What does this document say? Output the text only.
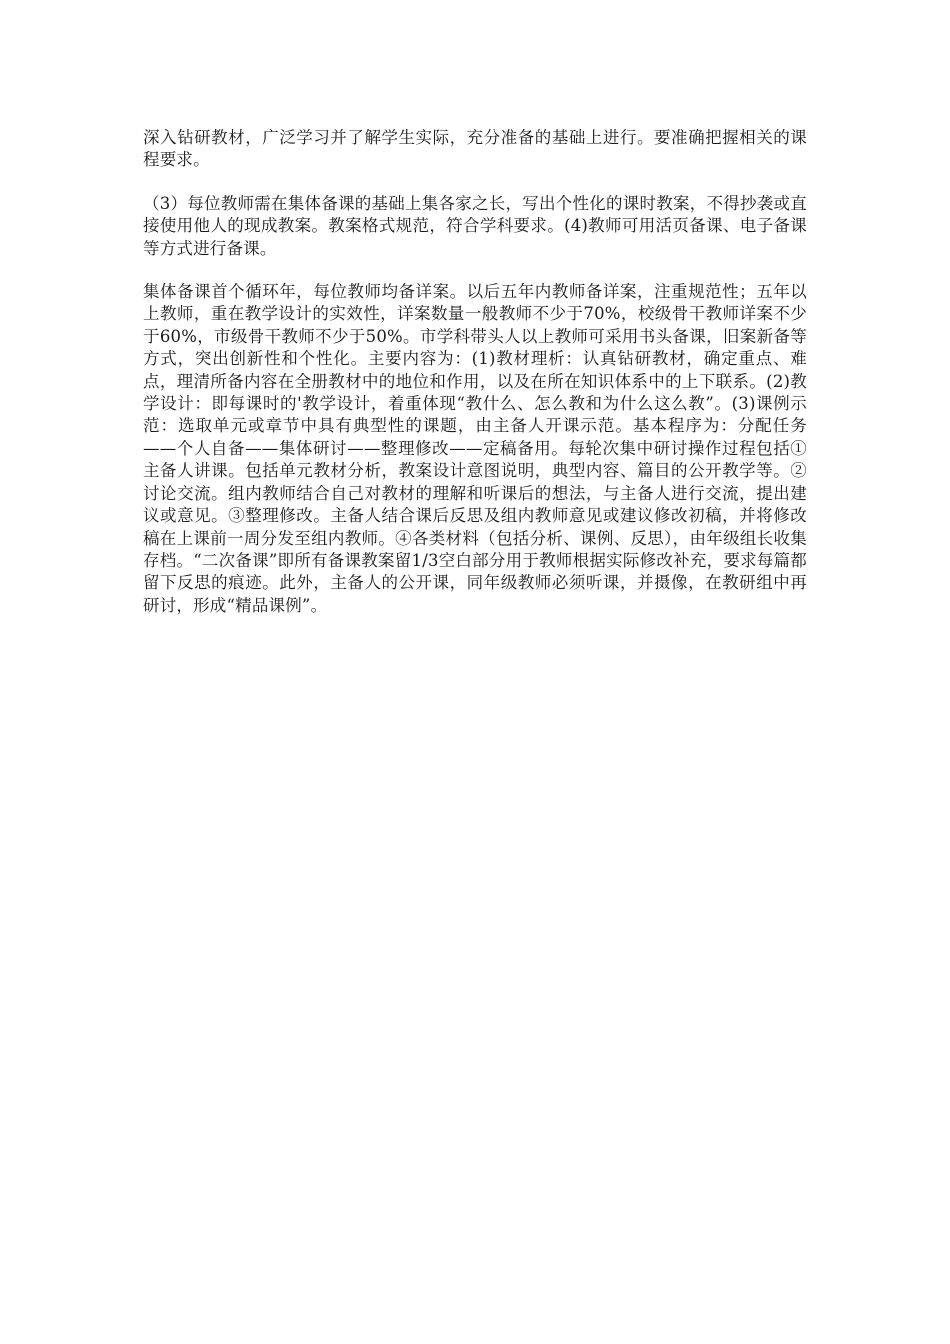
深入钻研教材，广泛学习并了解学生实际，充分准备的基础上进行。要准确把握相关的课程要求。

（3）每位教师需在集体备课的基础上集各家之长，写出个性化的课时教案，不得抄袭或直接使用他人的现成教案。教案格式规范，符合学科要求。(4)教师可用活页备课、电子备课等方式进行备课。

集体备课首个循环年，每位教师均备详案。以后五年内教师备详案，注重规范性；五年以上教师，重在教学设计的实效性，详案数量一般教师不少于70%，校级骨干教师详案不少于60%，市级骨干教师不少于50%。市学科带头人以上教师可采用书头备课，旧案新备等方式，突出创新性和个性化。主要内容为：(1)教材理析：认真钻研教材，确定重点、难点，理清所备内容在全册教材中的地位和作用，以及在所在知识体系中的上下联系。(2)教学设计：即每课时的'教学设计，着重体现“教什么、怎么教和为什么这么教”。(3)课例示范：选取单元或章节中具有典型性的课题，由主备人开课示范。基本程序为：分配任务——个人自备——集体研讨——整理修改——定稿备用。每轮次集中研讨操作过程包括①主备人讲课。包括单元教材分析，教案设计意图说明，典型内容、篇目的公开教学等。②讨论交流。组内教师结合自己对教材的理解和听课后的想法，与主备人进行交流，提出建议或意见。③整理修改。主备人结合课后反思及组内教师意见或建议修改初稿，并将修改稿在上课前一周分发至组内教师。④各类材料（包括分析、课例、反思），由年级组长收集存档。“二次备课”即所有备课教案留1/3空白部分用于教师根据实际修改补充，要求每篇都留下反思的痕迹。此外，主备人的公开课，同年级教师必须听课，并摄像，在教研组中再研讨，形成“精品课例”。
